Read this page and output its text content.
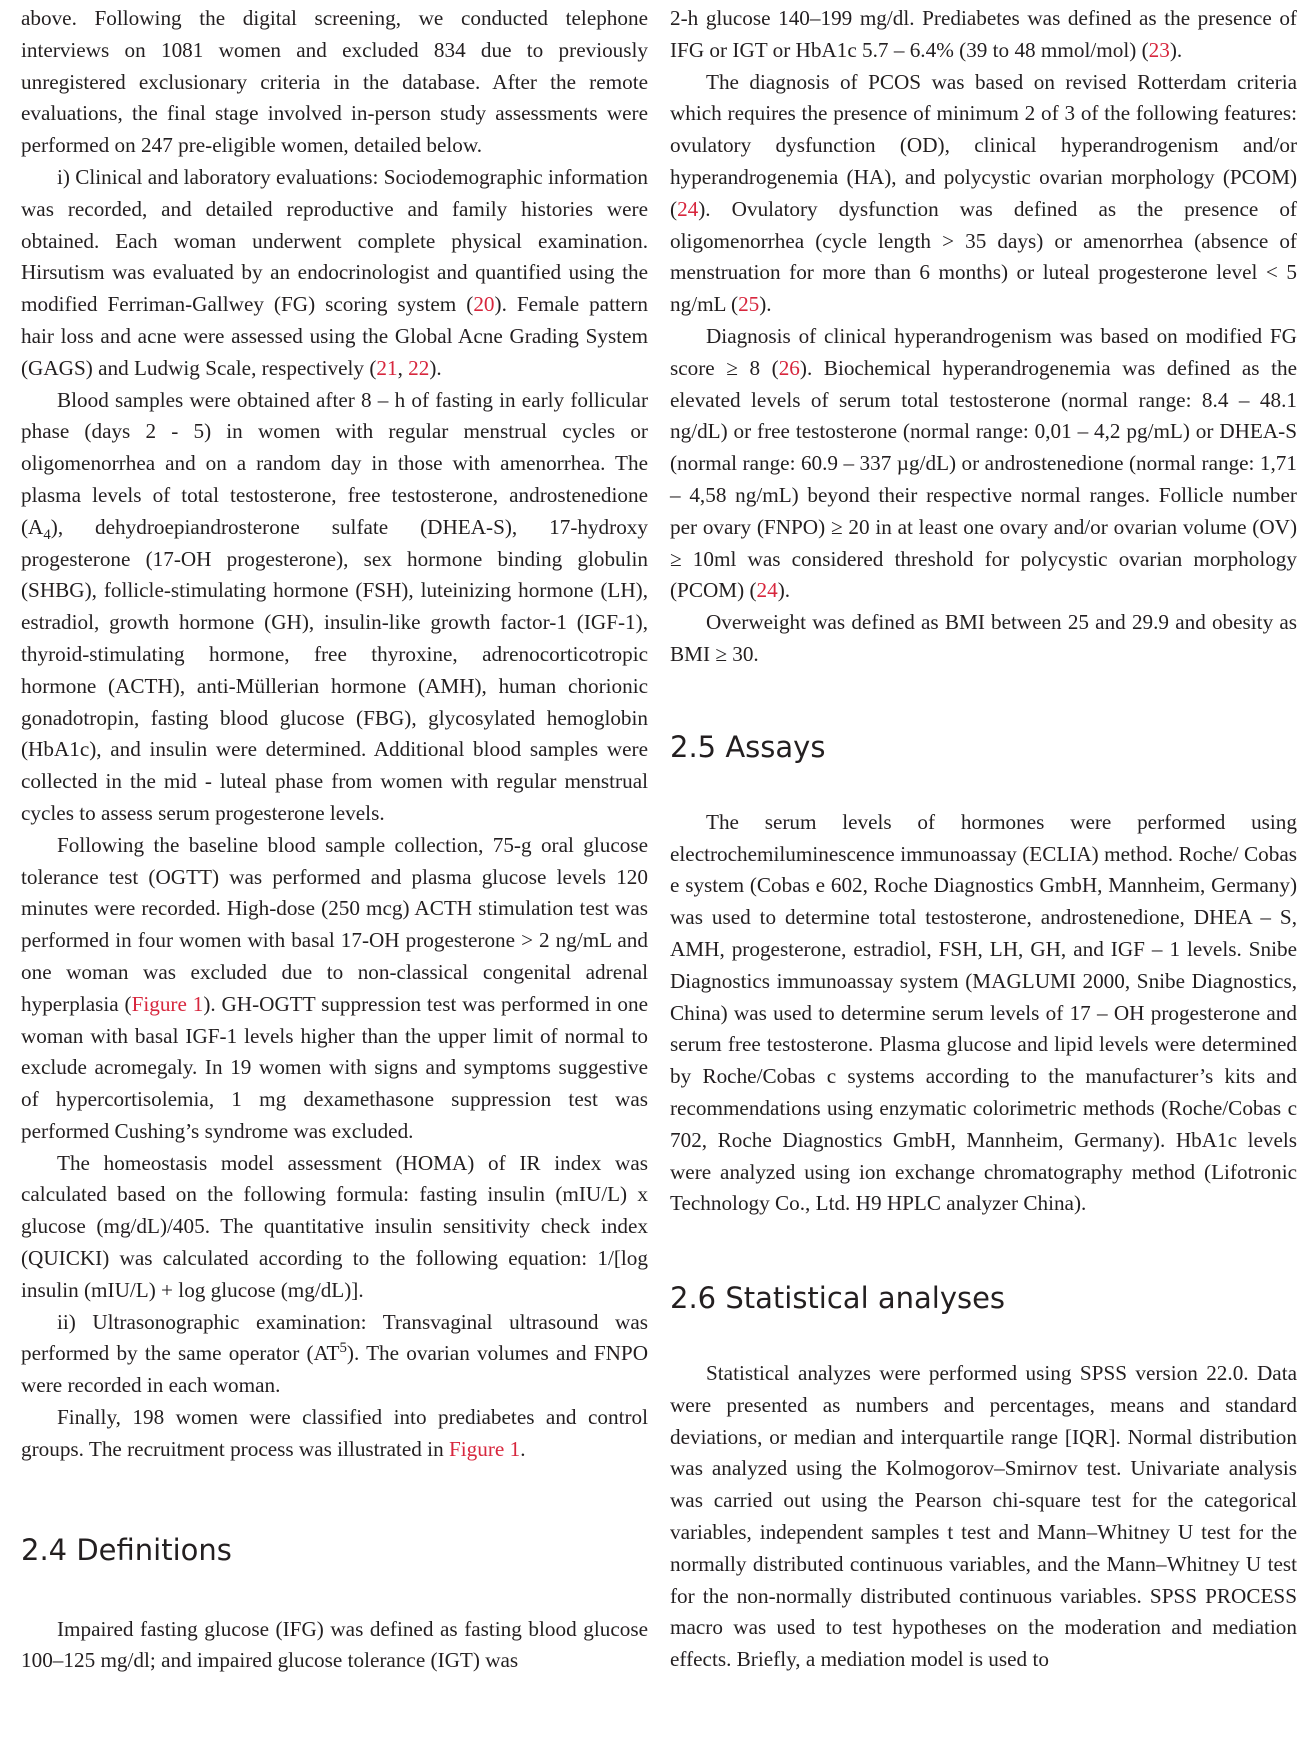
above. Following the digital screening, we conducted telephone interviews on 1081 women and excluded 834 due to previously unregistered exclusionary criteria in the database. After the remote evaluations, the final stage involved in-person study assessments were performed on 247 pre-eligible women, detailed below.

i) Clinical and laboratory evaluations: Sociodemographic information was recorded, and detailed reproductive and family histories were obtained. Each woman underwent complete physical examination. Hirsutism was evaluated by an endocrinologist and quantified using the modified Ferriman-Gallwey (FG) scoring system (20). Female pattern hair loss and acne were assessed using the Global Acne Grading System (GAGS) and Ludwig Scale, respectively (21, 22).

Blood samples were obtained after 8 – h of fasting in early follicular phase (days 2 - 5) in women with regular menstrual cycles or oligomenorrhea and on a random day in those with amenorrhea. The plasma levels of total testosterone, free testosterone, androstenedione $(A_4)$, dehydroepiandrosterone sulfate (DHEA-S), 17-hydroxy progesterone (17-OH progesterone), sex hormone binding globulin (SHBG), follicle-stimulating hormone (FSH), luteinizing hormone (LH), estradiol, growth hormone (GH), insulin-like growth factor-1 (IGF-1), thyroid-stimulating hormone, free thyroxine, adrenocorticotropic hormone (ACTH), anti-Müllerian hormone (AMH), human chorionic gonadotropin, fasting blood glucose (FBG), glycosylated hemoglobin (HbA1c), and insulin were determined. Additional blood samples were collected in the mid - luteal phase from women with regular menstrual cycles to assess serum progesterone levels.

Following the baseline blood sample collection, 75-g oral glucose tolerance test (OGTT) was performed and plasma glucose levels 120 minutes were recorded. High-dose (250 mcg) ACTH stimulation test was performed in four women with basal 17-OH progesterone > 2 ng/mL and one woman was excluded due to non-classical congenital adrenal hyperplasia (Figure 1). GH-OGTT suppression test was performed in one woman with basal IGF-1 levels higher than the upper limit of normal to exclude acromegaly. In 19 women with signs and symptoms suggestive of hypercortisolemia, 1 mg dexamethasone suppression test was performed Cushing’s syndrome was excluded.

The homeostasis model assessment (HOMA) of IR index was calculated based on the following formula: fasting insulin (mIU/L) x glucose (mg/dL)/405. The quantitative insulin sensitivity check index (QUICKI) was calculated according to the following equation: 1/[log insulin (mIU/L) + log glucose (mg/dL)].

ii) Ultrasonographic examination: Transvaginal ultrasound was performed by the same operator $(AT^5)$. The ovarian volumes and FNPO were recorded in each woman.

Finally, 198 women were classified into prediabetes and control groups. The recruitment process was illustrated in Figure 1.

2.4 Definitions

Impaired fasting glucose (IFG) was defined as fasting blood glucose 100–125 mg/dl; and impaired glucose tolerance (IGT) was

2-h glucose 140–199 mg/dl. Prediabetes was defined as the presence of IFG or IGT or HbA1c 5.7 – 6.4% (39 to 48 mmol/mol) (23).

The diagnosis of PCOS was based on revised Rotterdam criteria which requires the presence of minimum 2 of 3 of the following features: ovulatory dysfunction (OD), clinical hyperandrogenism and/or hyperandrogenemia (HA), and polycystic ovarian morphology (PCOM) (24). Ovulatory dysfunction was defined as the presence of oligomenorrhea (cycle length > 35 days) or amenorrhea (absence of menstruation for more than 6 months) or luteal progesterone level < 5 ng/mL (25).

Diagnosis of clinical hyperandrogenism was based on modified FG score ≥ 8 (26). Biochemical hyperandrogenemia was defined as the elevated levels of serum total testosterone (normal range: 8.4 – 48.1 ng/dL) or free testosterone (normal range: 0,01 – 4,2 pg/mL) or DHEA-S (normal range: 60.9 – 337 µg/dL) or androstenedione (normal range: 1,71 – 4,58 ng/mL) beyond their respective normal ranges. Follicle number per ovary (FNPO) ≥ 20 in at least one ovary and/or ovarian volume (OV) ≥ 10ml was considered threshold for polycystic ovarian morphology (PCOM) (24).

Overweight was defined as BMI between 25 and 29.9 and obesity as BMI ≥ 30.

2.5 Assays

The serum levels of hormones were performed using electrochemiluminescence immunoassay (ECLIA) method. Roche/ Cobas e system (Cobas e 602, Roche Diagnostics GmbH, Mannheim, Germany) was used to determine total testosterone, androstenedione, DHEA – S, AMH, progesterone, estradiol, FSH, LH, GH, and IGF – 1 levels. Snibe Diagnostics immunoassay system (MAGLUMI 2000, Snibe Diagnostics, China) was used to determine serum levels of 17 – OH progesterone and serum free testosterone. Plasma glucose and lipid levels were determined by Roche/Cobas c systems according to the manufacturer’s kits and recommendations using enzymatic colorimetric methods (Roche/Cobas c 702, Roche Diagnostics GmbH, Mannheim, Germany). HbA1c levels were analyzed using ion exchange chromatography method (Lifotronic Technology Co., Ltd. H9 HPLC analyzer China).

2.6 Statistical analyses

Statistical analyzes were performed using SPSS version 22.0. Data were presented as numbers and percentages, means and standard deviations, or median and interquartile range [IQR]. Normal distribution was analyzed using the Kolmogorov–Smirnov test. Univariate analysis was carried out using the Pearson chi-square test for the categorical variables, independent samples t test and Mann–Whitney U test for the normally distributed continuous variables, and the Mann–Whitney U test for the non-normally distributed continuous variables. SPSS PROCESS macro was used to test hypotheses on the moderation and mediation effects. Briefly, a mediation model is used to
